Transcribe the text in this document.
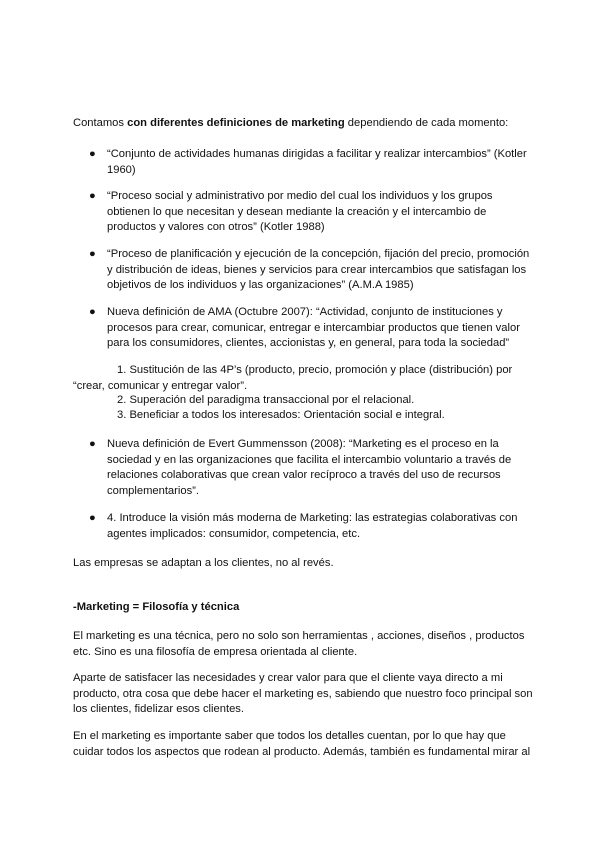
Contamos con diferentes definiciones de marketing dependiendo de cada momento:
● “Conjunto de actividades humanas dirigidas a facilitar y realizar intercambios” (Kotler 1960)
● “Proceso social y administrativo por medio del cual los individuos y los grupos obtienen lo que necesitan y desean mediante la creación y el intercambio de productos y valores con otros” (Kotler 1988)
● “Proceso de planificación y ejecución de la concepción, fijación del precio, promoción y distribución de ideas, bienes y servicios para crear intercambios que satisfagan los objetivos de los individuos y las organizaciones” (A.M.A 1985)
● Nueva definición de AMA (Octubre 2007): “Actividad, conjunto de instituciones y procesos para crear, comunicar, entregar e intercambiar productos que tienen valor para los consumidores, clientes, accionistas y, en general, para toda la sociedad”
1. Sustitución de las 4P’s (producto, precio, promoción y place (distribución) por
“crear, comunicar y entregar valor”.
2. Superación del paradigma transaccional por el relacional.
3. Beneficiar a todos los interesados: Orientación social e integral.
● Nueva definición de Evert Gummensson (2008): “Marketing es el proceso en la sociedad y en las organizaciones que facilita el intercambio voluntario a través de relaciones colaborativas que crean valor recíproco a través del uso de recursos complementarios”.
● 4. Introduce la visión más moderna de Marketing: las estrategias colaborativas con agentes implicados: consumidor, competencia, etc.
Las empresas se adaptan a los clientes, no al revés.
-Marketing = Filosofía y técnica
El marketing es una técnica, pero no solo son herramientas , acciones, diseños , productos etc. Sino es una filosofía de empresa orientada al cliente.
Aparte de satisfacer las necesidades y crear valor para que el cliente vaya directo a mi producto, otra cosa que debe hacer el marketing es, sabiendo que nuestro foco principal son los clientes, fidelizar esos clientes.
En el marketing es importante saber que todos los detalles cuentan, por lo que hay que cuidar todos los aspectos que rodean al producto. Además, también es fundamental mirar al
